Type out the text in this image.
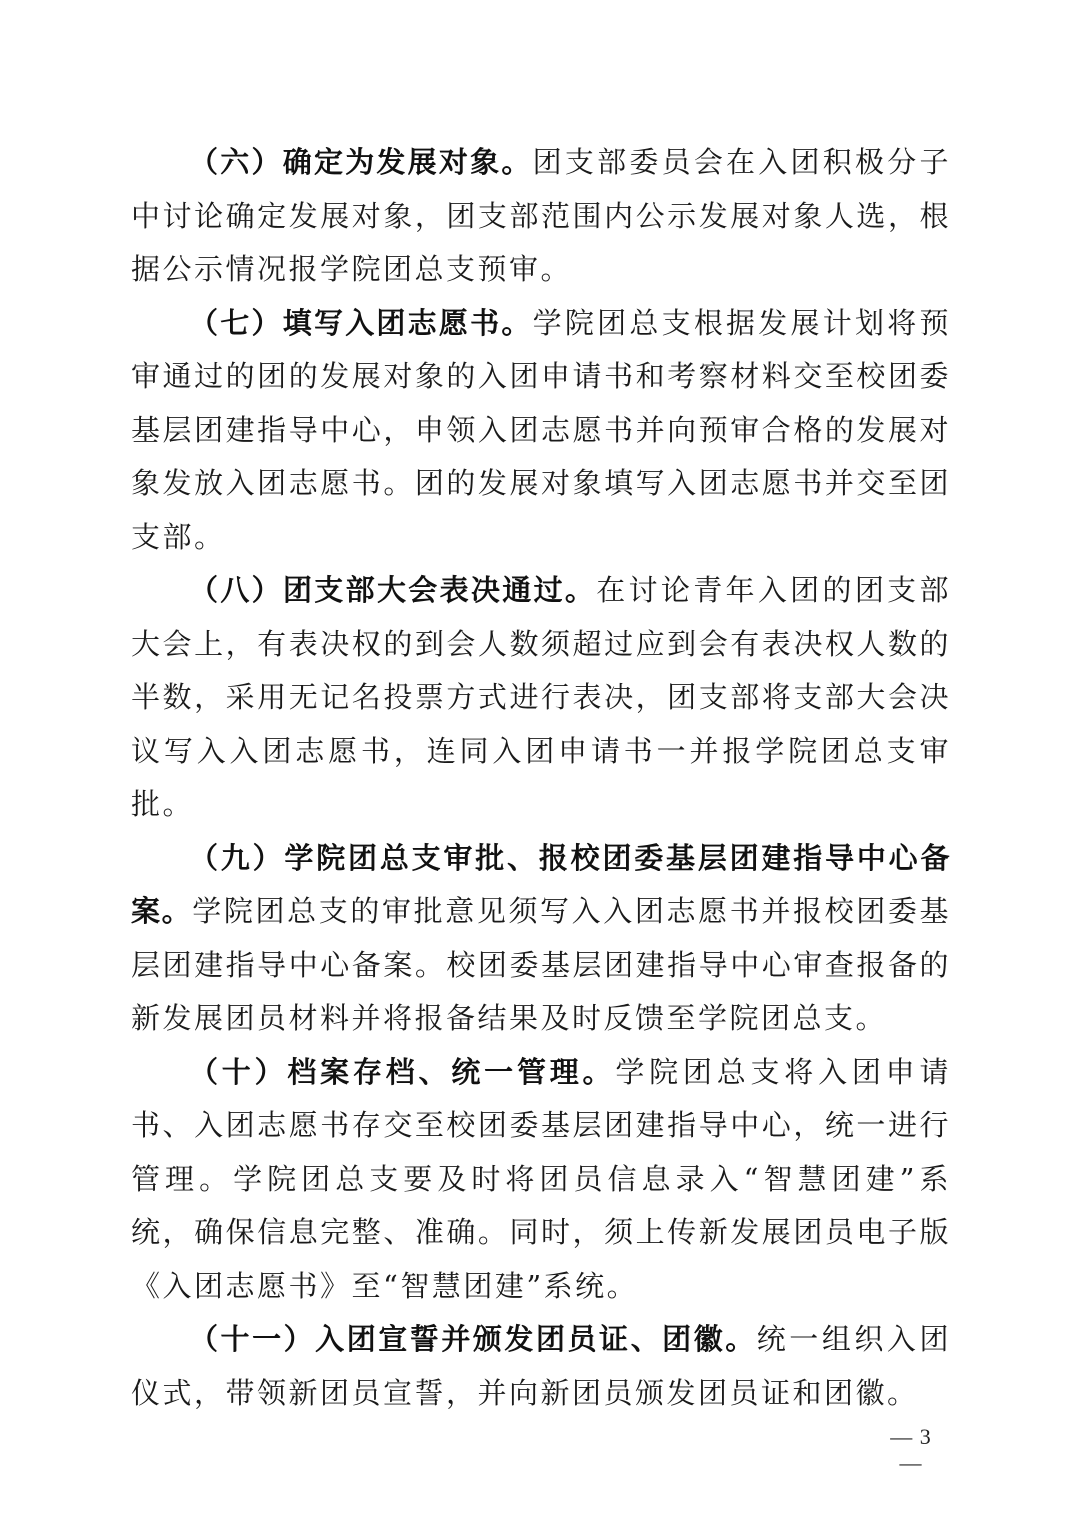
（六）确定为发展对象。团支部委员会在入团积极分子中讨论确定发展对象，团支部范围内公示发展对象人选，根据公示情况报学院团总支预审。

（七）填写入团志愿书。学院团总支根据发展计划将预审通过的团的发展对象的入团申请书和考察材料交至校团委基层团建指导中心，申领入团志愿书并向预审合格的发展对象发放入团志愿书。团的发展对象填写入团志愿书并交至团支部。

（八）团支部大会表决通过。在讨论青年入团的团支部大会上，有表决权的到会人数须超过应到会有表决权人数的半数，采用无记名投票方式进行表决，团支部将支部大会决议写入入团志愿书，连同入团申请书一并报学院团总支审批。

（九）学院团总支审批、报校团委基层团建指导中心备案。学院团总支的审批意见须写入入团志愿书并报校团委基层团建指导中心备案。校团委基层团建指导中心审查报备的新发展团员材料并将报备结果及时反馈至学院团总支。

（十）档案存档、统一管理。学院团总支将入团申请书、入团志愿书存交至校团委基层团建指导中心，统一进行管理。学院团总支要及时将团员信息录入“智慧团建”系统，确保信息完整、准确。同时，须上传新发展团员电子版《入团志愿书》至“智慧团建”系统。

（十一）入团宣誓并颁发团员证、团徽。统一组织入团仪式，带领新团员宣誓，并向新团员颁发团员证和团徽。

— 3 —
